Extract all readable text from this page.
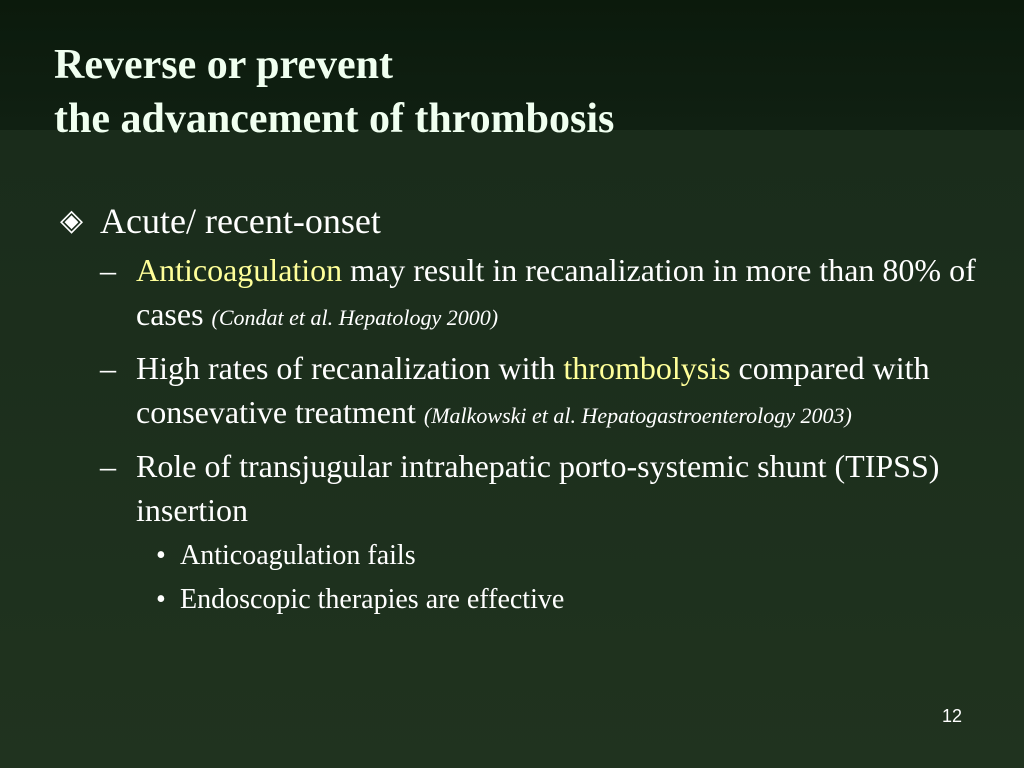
Reverse or prevent
the advancement of thrombosis
◈ Acute/ recent-onset
– Anticoagulation may result in recanalization in more than 80% of cases (Condat et al. Hepatology 2000)
– High rates of recanalization with thrombolysis compared with consevative treatment (Malkowski et al. Hepatogastroenterology 2003)
– Role of transjugular intrahepatic porto-systemic shunt (TIPSS) insertion
• Anticoagulation fails
• Endoscopic therapies are effective
12
